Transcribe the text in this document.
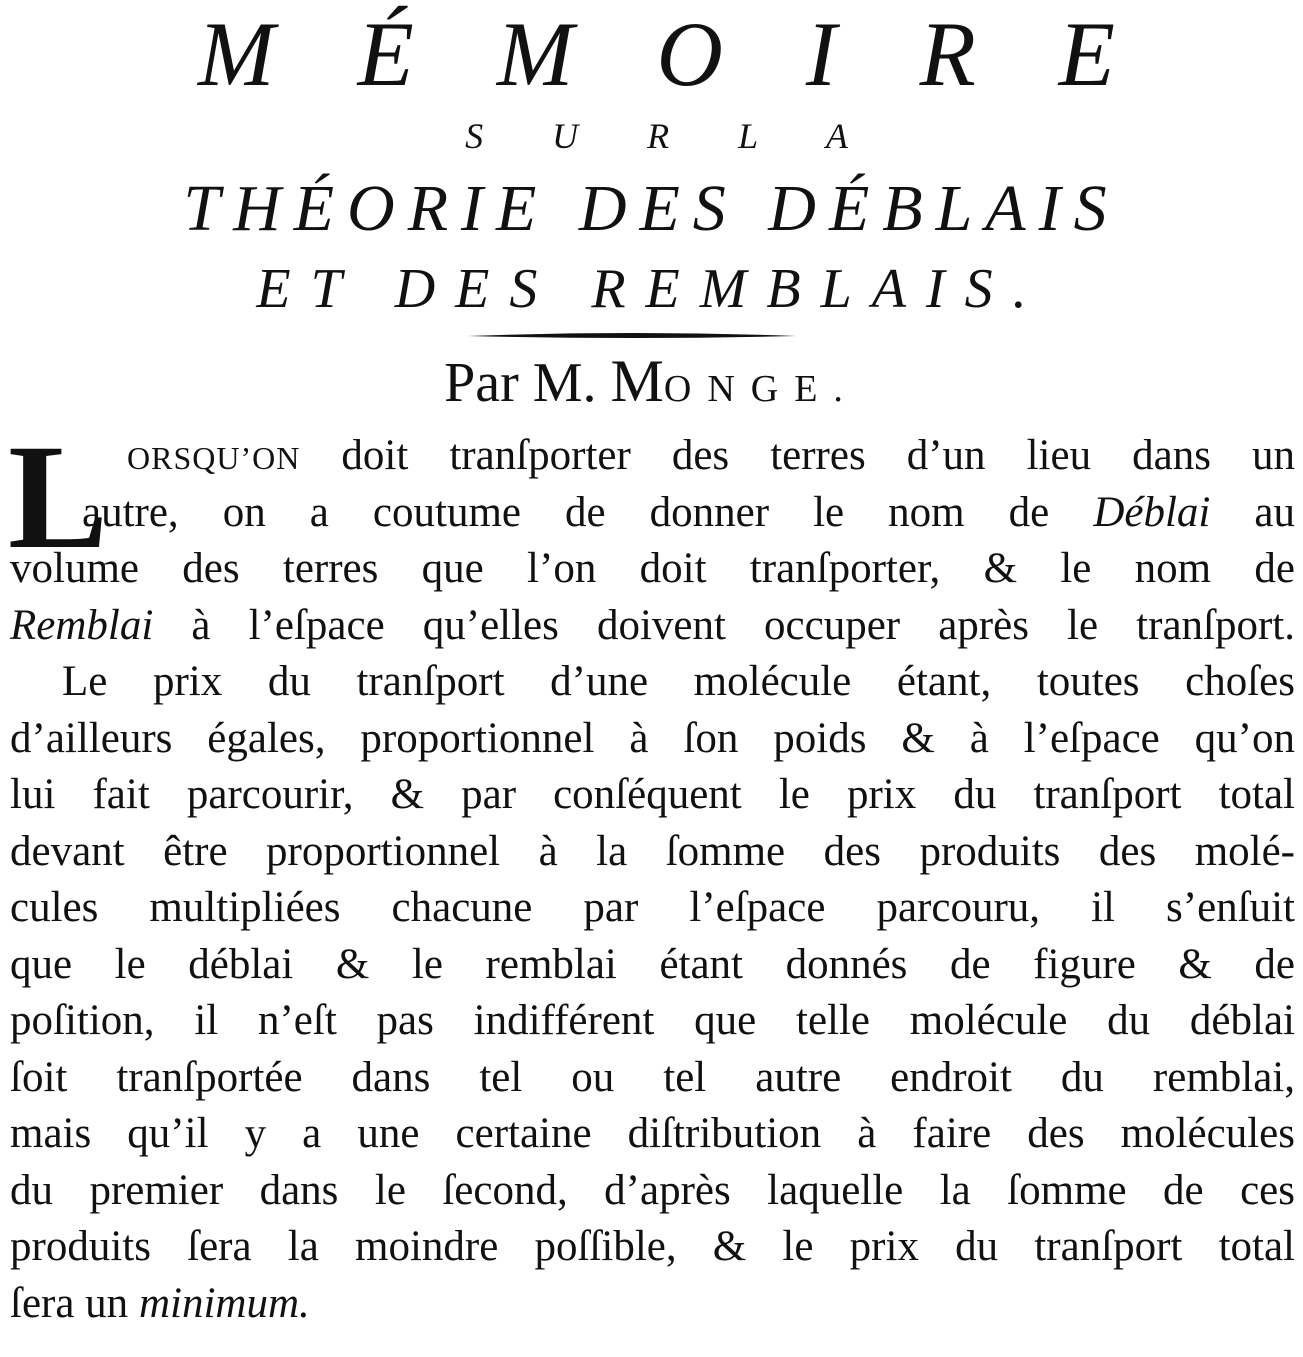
M É M O I R E
S U R L A
THÉORIE DES DÉBLAIS
ET DES REMBLAIS.
Par M. MONGE.
L ORSQU’ON doit tranſporter des terres d’un lieu dans un
autre, on a coutume de donner le nom de Déblai au
volume des terres que l’on doit tranſporter, & le nom de
Remblai à l’eſpace qu’elles doivent occuper après le tranſport.
Le prix du tranſport d’une molécule étant, toutes choſes
d’ailleurs égales, proportionnel à ſon poids & à l’eſpace qu’on
lui fait parcourir, & par conſéquent le prix du tranſport total
devant être proportionnel à la ſomme des produits des molé-
cules multipliées chacune par l’eſpace parcouru, il s’enſuit
que le déblai & le remblai étant donnés de figure & de
poſition, il n’eſt pas indifférent que telle molécule du déblai
ſoit tranſportée dans tel ou tel autre endroit du remblai,
mais qu’il y a une certaine diſtribution à faire des molécules
du premier dans le ſecond, d’après laquelle la ſomme de ces
produits ſera la moindre poſſible, & le prix du tranſport total
ſera un minimum.
